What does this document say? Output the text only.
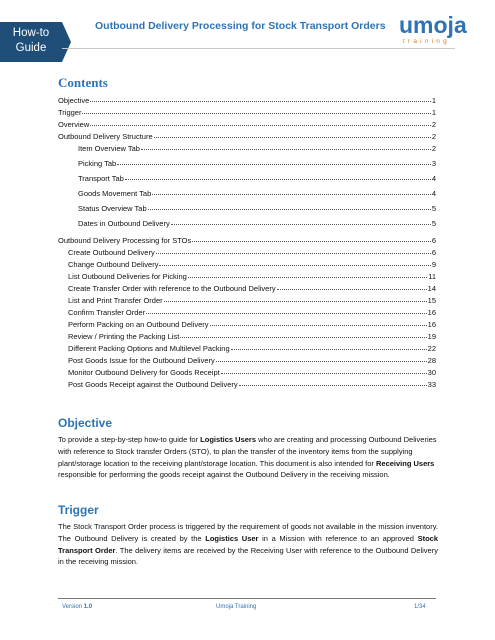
How-to
Guide
Outbound Delivery Processing for Stock Transport Orders umoja
training
Contents
Objective	1
Trigger	1
Overview	2
Outbound Delivery Structure	2
Item Overview Tab	2
Picking Tab	3
Transport Tab	4
Goods Movement Tab	4
Status Overview Tab	5
Dates in Outbound Delivery	5
Outbound Delivery Processing for STOs	6
Create Outbound Delivery	6
Change Outbound Delivery	9
List Outbound Deliveries for Picking	11
Create Transfer Order with reference to the Outbound Delivery	14
List and Print Transfer Order	15
Confirm Transfer Order	16
Perform Packing on an Outbound Delivery	16
Review / Printing the Packing List	19
Different Packing Options and Multilevel Packing	22
Post Goods Issue for the Outbound Delivery	28
Monitor Outbound Delivery for Goods Receipt	30
Post Goods Receipt against the Outbound Delivery	33
Objective
To provide a step-by-step how-to guide for Logistics Users who are creating and processing Outbound Deliveries with reference to Stock transfer Orders (STO), to plan the transfer of the inventory items from the supplying plant/storage location to the receiving plant/storage location. This document is also intended for Receiving Users responsible for performing the goods receipt against the Outbound Delivery in the receiving mission.
Trigger
The Stock Transport Order process is triggered by the requirement of goods not available in the mission inventory. The Outbound Delivery is created by the Logistics User in a Mission with reference to an approved Stock Transport Order. The delivery items are received by the Receiving User with reference to the Outbound Delivery in the receiving mission.
Version 1.0	Umoja Training	1/34
